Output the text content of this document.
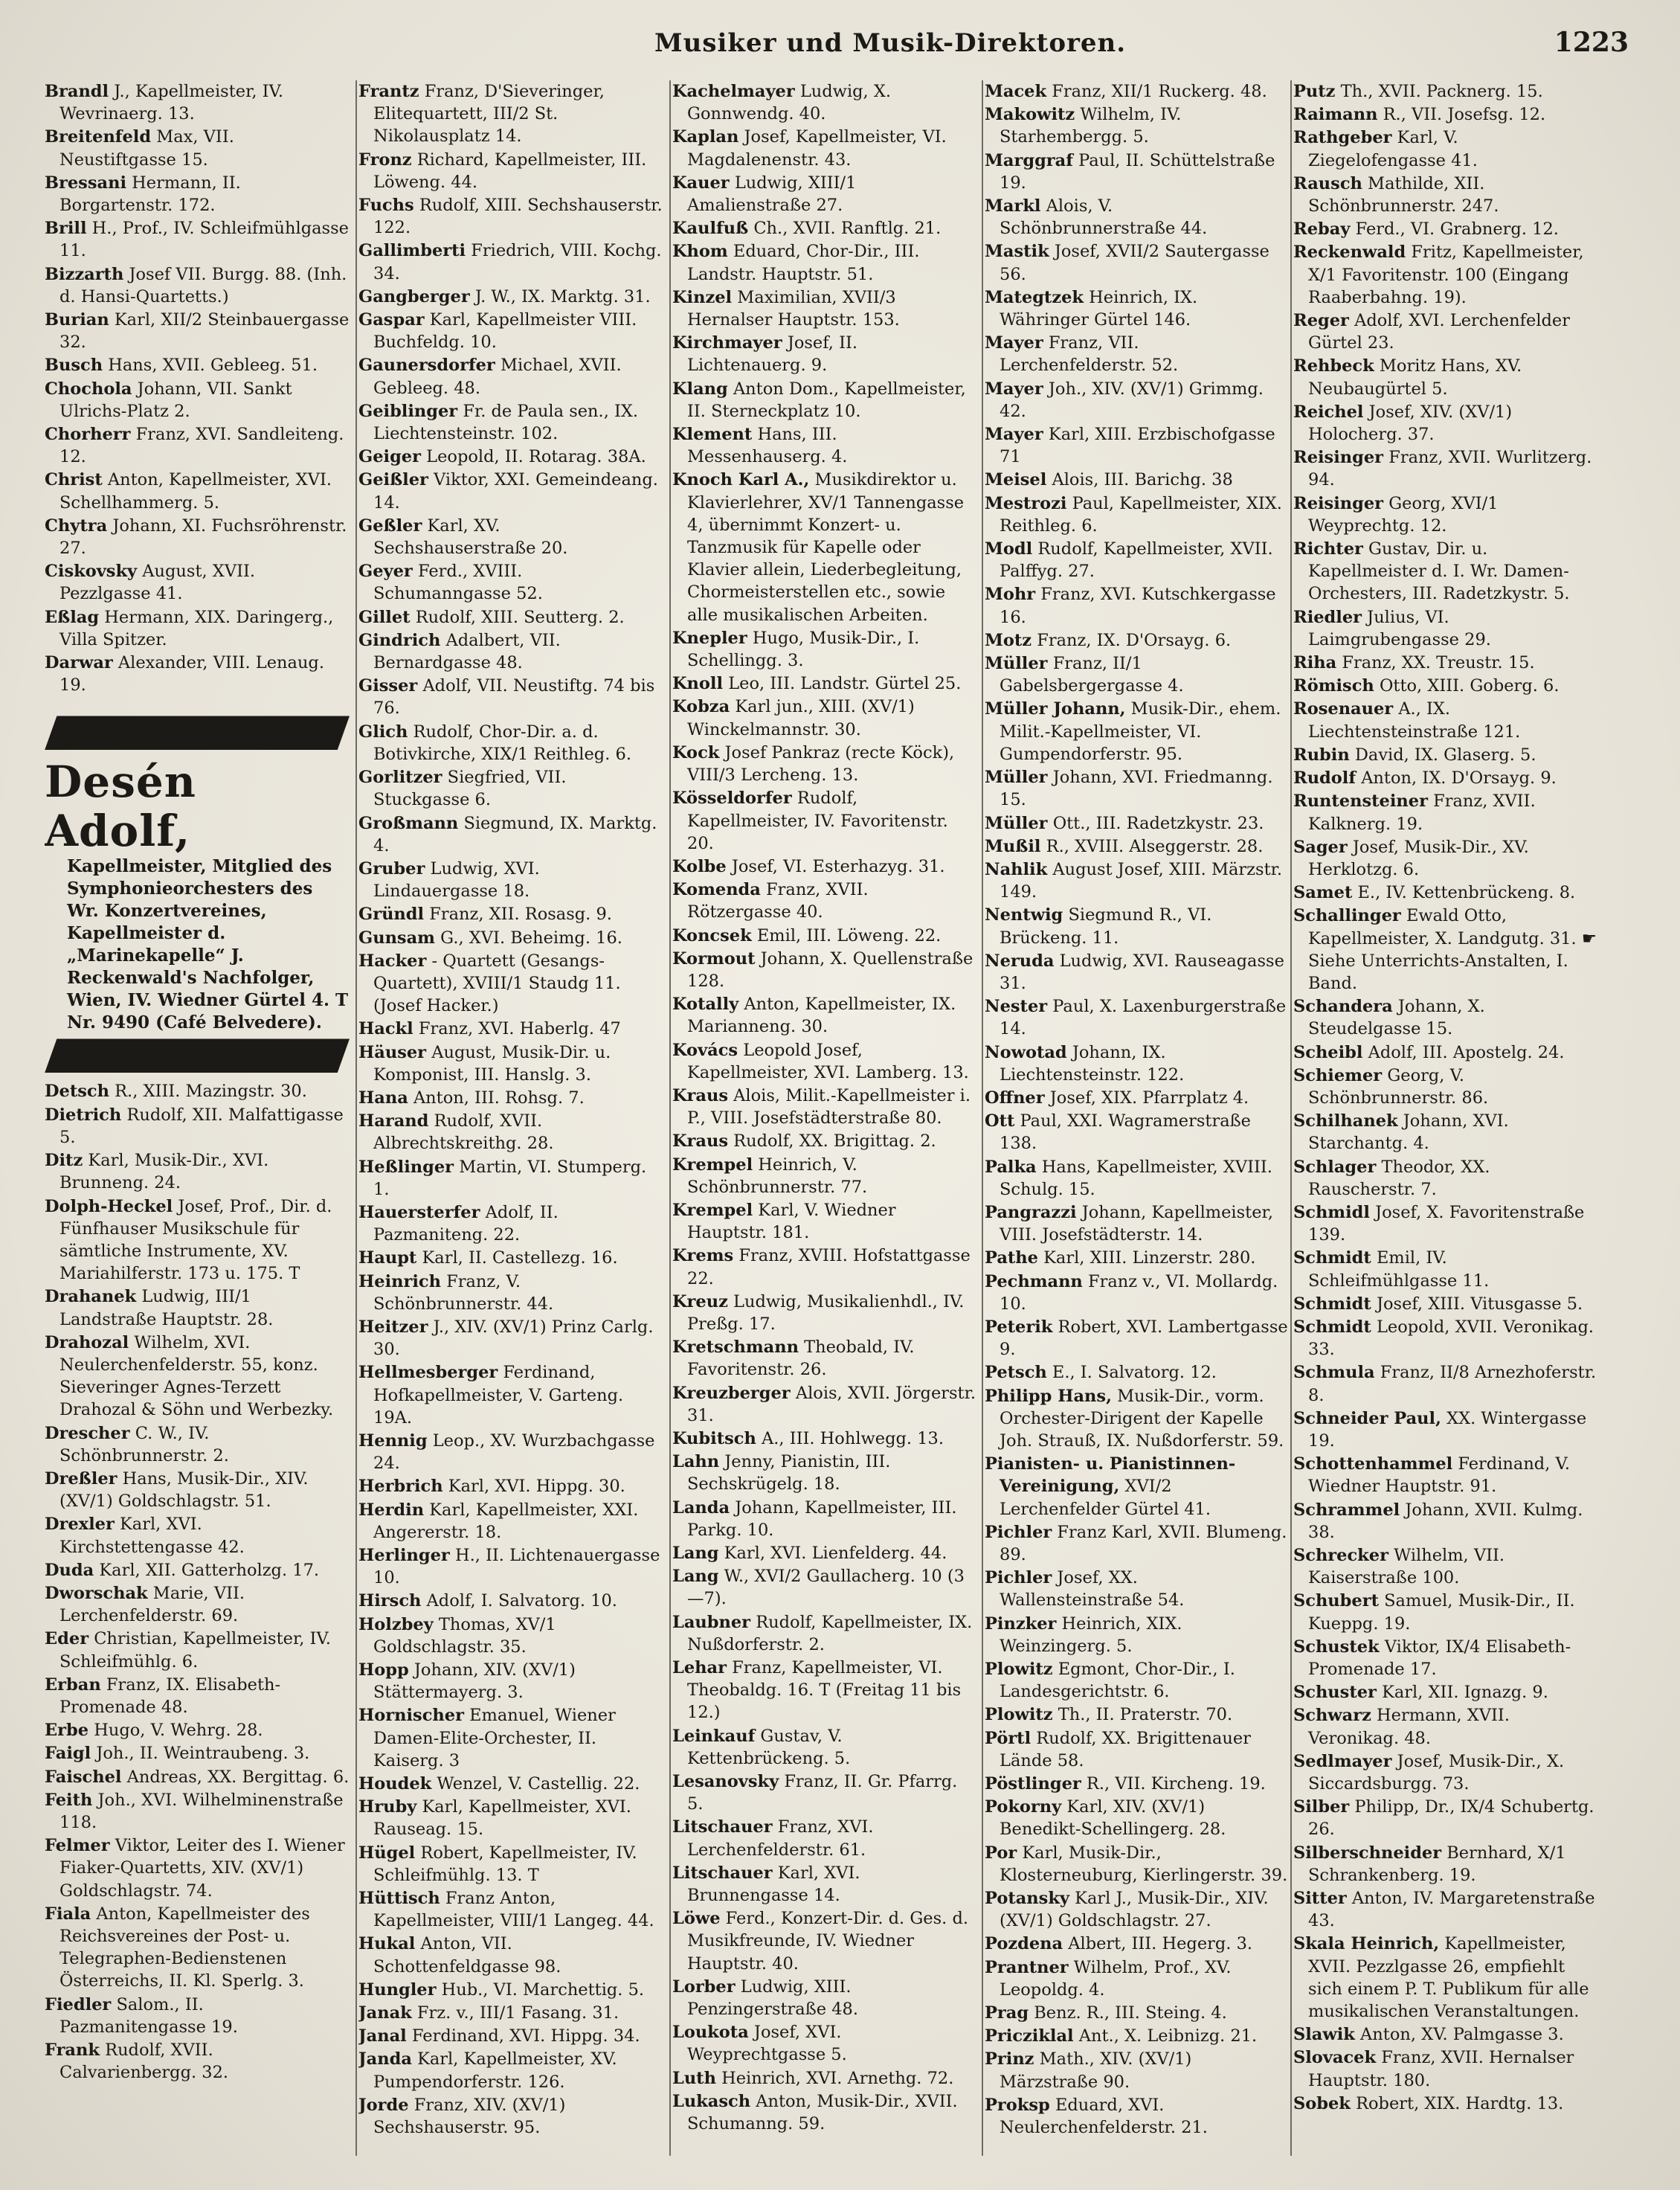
Musiker und Musik-Direktoren.	1223
Brandl J., Kapellmeister, IV. Wevrinaerg. 13.
Breitenfeld Max, VII. Neustiftgasse 15.
Bressani Hermann, II. Borgartenstr. 172.
Brill H., Prof., IV. Schleifmühlgasse 11.
Bizzarth Josef VII. Burgg. 88. (Inh. d. Hansi-Quartetts.)
Burian Karl, XII/2 Steinbauergasse 32.
Busch Hans, XVII. Gebleeg. 51.
Chochola Johann, VII. Sankt Ulrichs-Platz 2.
Chorherr Franz, XVI. Sandleiteng. 12.
Christ Anton, Kapellmeister, XVI. Schellhammerg. 5.
Chytra Johann, XI. Fuchsröhrenstr. 27.
Ciskovsky August, XVII. Pezzlgasse 41.
Eßlag Hermann, XIX. Daringerg., Villa Spitzer.
Darwar Alexander, VIII. Lenaug. 19.
Desén Adolf,
Kapellmeister, Mitglied des Symphonieorchesters des Wr. Konzertvereines, Kapellmeister d. „Marinekapelle“ J. Reckenwald's Nachfolger, Wien, IV. Wiedner Gürtel 4. T Nr. 9490 (Café Belvedere).
Detsch R., XIII. Mazingstr. 30.
Dietrich Rudolf, XII. Malfattigasse 5.
Ditz Karl, Musik-Dir., XVI. Brunneng. 24.
Dolph-Heckel Josef, Prof., Dir. d. Fünfhauser Musikschule für sämtliche Instrumente, XV. Mariahilferstr. 173 u. 175. T
Drahanek Ludwig, III/1 Landstraße Hauptstr. 28.
Drahozal Wilhelm, XVI. Neulerchenfelderstr. 55, konz. Sieveringer Agnes-Terzett Drahozal & Söhn und Werbezky.
Drescher C. W., IV. Schönbrunnerstr. 2.
Dreßler Hans, Musik-Dir., XIV. (XV/1) Goldschlagstr. 51.
Drexler Karl, XVI. Kirchstettengasse 42.
Duda Karl, XII. Gatterholzg. 17.
Dworschak Marie, VII. Lerchenfelderstr. 69.
Eder Christian, Kapellmeister, IV. Schleifmühlg. 6.
Erban Franz, IX. Elisabeth-Promenade 48.
Erbe Hugo, V. Wehrg. 28.
Faigl Joh., II. Weintraubeng. 3.
Faischel Andreas, XX. Bergittag. 6.
Feith Joh., XVI. Wilhelminenstraße 118.
Felmer Viktor, Leiter des I. Wiener Fiaker-Quartetts, XIV. (XV/1) Goldschlagstr. 74.
Fiala Anton, Kapellmeister des Reichsvereines der Post- u. Telegraphen-Bedienstenen Österreichs, II. Kl. Sperlg. 3.
Fiedler Salom., II. Pazmanitengasse 19.
Frank Rudolf, XVII. Calvarienbergg. 32.
Frantz Franz, D'Sieveringer, Elitequartett, III/2 St. Nikolausplatz 14.
Fronz Richard, Kapellmeister, III. Löweng. 44.
Fuchs Rudolf, XIII. Sechshauserstr. 122.
Gallimberti Friedrich, VIII. Kochg. 34.
Gangberger J. W., IX. Marktg. 31.
Gaspar Karl, Kapellmeister VIII. Buchfeldg. 10.
Gaunersdorfer Michael, XVII. Gebleeg. 48.
Geiblinger Fr. de Paula sen., IX. Liechtensteinstr. 102.
Geiger Leopold, II. Rotarag. 38A.
Geißler Viktor, XXI. Gemeindeang. 14.
Geßler Karl, XV. Sechshauserstraße 20.
Geyer Ferd., XVIII. Schumanngasse 52.
Gillet Rudolf, XIII. Seutterg. 2.
Gindrich Adalbert, VII. Bernardgasse 48.
Gisser Adolf, VII. Neustiftg. 74 bis 76.
Glich Rudolf, Chor-Dir. a. d. Botivkirche, XIX/1 Reithleg. 6.
Gorlitzer Siegfried, VII. Stuckgasse 6.
Großmann Siegmund, IX. Marktg. 4.
Gruber Ludwig, XVI. Lindauergasse 18.
Gründl Franz, XII. Rosasg. 9.
Gunsam G., XVI. Beheimg. 16.
Hacker - Quartett (Gesangs-Quartett), XVIII/1 Staudg 11. (Josef Hacker.)
Hackl Franz, XVI. Haberlg. 47
Häuser August, Musik-Dir. u. Komponist, III. Hanslg. 3.
Hana Anton, III. Rohsg. 7.
Harand Rudolf, XVII. Albrechtskreithg. 28.
Heßlinger Martin, VI. Stumperg. 1.
Hauersterfer Adolf, II. Pazmaniteng. 22.
Haupt Karl, II. Castellezg. 16.
Heinrich Franz, V. Schönbrunnerstr. 44.
Heitzer J., XIV. (XV/1) Prinz Carlg. 30.
Hellmesberger Ferdinand, Hofkapellmeister, V. Garteng. 19A.
Hennig Leop., XV. Wurzbachgasse 24.
Herbrich Karl, XVI. Hippg. 30.
Herdin Karl, Kapellmeister, XXI. Angererstr. 18.
Herlinger H., II. Lichtenauergasse 10.
Hirsch Adolf, I. Salvatorg. 10.
Holzbey Thomas, XV/1 Goldschlagstr. 35.
Hopp Johann, XIV. (XV/1) Stättermayerg. 3.
Hornischer Emanuel, Wiener Damen-Elite-Orchester, II. Kaiserg. 3
Houdek Wenzel, V. Castellig. 22.
Hruby Karl, Kapellmeister, XVI. Rauseag. 15.
Hügel Robert, Kapellmeister, IV. Schleifmühlg. 13. T
Hüttisch Franz Anton, Kapellmeister, VIII/1 Langeg. 44.
Hukal Anton, VII. Schottenfeldgasse 98.
Hungler Hub., VI. Marchettig. 5.
Janak Frz. v., III/1 Fasang. 31.
Janal Ferdinand, XVI. Hippg. 34.
Janda Karl, Kapellmeister, XV. Pumpendorferstr. 126.
Jorde Franz, XIV. (XV/1) Sechshauserstr. 95.
Kachelmayer Ludwig, X. Gonnwendg. 40.
Kaplan Josef, Kapellmeister, VI. Magdalenenstr. 43.
Kauer Ludwig, XIII/1 Amalienstraße 27.
Kaulfuß Ch., XVII. Ranftlg. 21.
Khom Eduard, Chor-Dir., III. Landstr. Hauptstr. 51.
Kinzel Maximilian, XVII/3 Hernalser Hauptstr. 153.
Kirchmayer Josef, II. Lichtenauerg. 9.
Klang Anton Dom., Kapellmeister, II. Sterneckplatz 10.
Klement Hans, III. Messenhauserg. 4.
Knoch Karl A., Musikdirektor u. Klavierlehrer, XV/1 Tannengasse 4, übernimmt Konzert- u. Tanzmusik für Kapelle oder Klavier allein, Liederbegleitung, Chormeisterstellen etc., sowie alle musikalischen Arbeiten.
Knepler Hugo, Musik-Dir., I. Schellingg. 3.
Knoll Leo, III. Landstr. Gürtel 25.
Kobza Karl jun., XIII. (XV/1) Winckelmannstr. 30.
Kock Josef Pankraz (recte Köck), VIII/3 Lercheng. 13.
Kösseldorfer Rudolf, Kapellmeister, IV. Favoritenstr. 20.
Kolbe Josef, VI. Esterhazyg. 31.
Komenda Franz, XVII. Rötzergasse 40.
Koncsek Emil, III. Löweng. 22.
Kormout Johann, X. Quellenstraße 128.
Kotally Anton, Kapellmeister, IX. Marianneng. 30.
Kovács Leopold Josef, Kapellmeister, XVI. Lamberg. 13.
Kraus Alois, Milit.-Kapellmeister i. P., VIII. Josefstädterstraße 80.
Kraus Rudolf, XX. Brigittag. 2.
Krempel Heinrich, V. Schönbrunnerstr. 77.
Krempel Karl, V. Wiedner Hauptstr. 181.
Krems Franz, XVIII. Hofstattgasse 22.
Kreuz Ludwig, Musikalienhdl., IV. Preßg. 17.
Kretschmann Theobald, IV. Favoritenstr. 26.
Kreuzberger Alois, XVII. Jörgerstr. 31.
Kubitsch A., III. Hohlwegg. 13.
Lahn Jenny, Pianistin, III. Sechskrügelg. 18.
Landa Johann, Kapellmeister, III. Parkg. 10.
Lang Karl, XVI. Lienfelderg. 44.
Lang W., XVI/2 Gaullacherg. 10 (3—7).
Laubner Rudolf, Kapellmeister, IX. Nußdorferstr. 2.
Lehar Franz, Kapellmeister, VI. Theobaldg. 16. T (Freitag 11 bis 12.)
Leinkauf Gustav, V. Kettenbrückeng. 5.
Lesanovsky Franz, II. Gr. Pfarrg. 5.
Litschauer Franz, XVI. Lerchenfelderstr. 61.
Litschauer Karl, XVI. Brunnengasse 14.
Löwe Ferd., Konzert-Dir. d. Ges. d. Musikfreunde, IV. Wiedner Hauptstr. 40.
Lorber Ludwig, XIII. Penzingerstraße 48.
Loukota Josef, XVI. Weyprechtgasse 5.
Luth Heinrich, XVI. Arnethg. 72.
Lukasch Anton, Musik-Dir., XVII. Schumanng. 59.
Macek Franz, XII/1 Ruckerg. 48.
Makowitz Wilhelm, IV. Starhembergg. 5.
Marggraf Paul, II. Schüttelstraße 19.
Markl Alois, V. Schönbrunnerstraße 44.
Mastik Josef, XVII/2 Sautergasse 56.
Mategtzek Heinrich, IX. Währinger Gürtel 146.
Mayer Franz, VII. Lerchenfelderstr. 52.
Mayer Joh., XIV. (XV/1) Grimmg. 42.
Mayer Karl, XIII. Erzbischofgasse 71
Meisel Alois, III. Barichg. 38
Mestrozi Paul, Kapellmeister, XIX. Reithleg. 6.
Modl Rudolf, Kapellmeister, XVII. Palffyg. 27.
Mohr Franz, XVI. Kutschkergasse 16.
Motz Franz, IX. D'Orsayg. 6.
Müller Franz, II/1 Gabelsbergergasse 4.
Müller Johann, Musik-Dir., ehem. Milit.-Kapellmeister, VI. Gumpendorferstr. 95.
Müller Johann, XVI. Friedmanng. 15.
Müller Ott., III. Radetzkystr. 23.
Mußil R., XVIII. Alseggerstr. 28.
Nahlik August Josef, XIII. Märzstr. 149.
Nentwig Siegmund R., VI. Brückeng. 11.
Neruda Ludwig, XVI. Rauseagasse 31.
Nester Paul, X. Laxenburgerstraße 14.
Nowotad Johann, IX. Liechtensteinstr. 122.
Offner Josef, XIX. Pfarrplatz 4.
Ott Paul, XXI. Wagramerstraße 138.
Palka Hans, Kapellmeister, XVIII. Schulg. 15.
Pangrazzi Johann, Kapellmeister, VIII. Josefstädterstr. 14.
Pathe Karl, XIII. Linzerstr. 280.
Pechmann Franz v., VI. Mollardg. 10.
Peterik Robert, XVI. Lambertgasse 9.
Petsch E., I. Salvatorg. 12.
Philipp Hans, Musik-Dir., vorm. Orchester-Dirigent der Kapelle Joh. Strauß, IX. Nußdorferstr. 59.
Pianisten- u. Pianistinnen-Vereinigung, XVI/2 Lerchenfelder Gürtel 41.
Pichler Franz Karl, XVII. Blumeng. 89.
Pichler Josef, XX. Wallensteinstraße 54.
Pinzker Heinrich, XIX. Weinzingerg. 5.
Plowitz Egmont, Chor-Dir., I. Landesgerichtstr. 6.
Plowitz Th., II. Praterstr. 70.
Pörtl Rudolf, XX. Brigittenauer Lände 58.
Pöstlinger R., VII. Kircheng. 19.
Pokorny Karl, XIV. (XV/1) Benedikt-Schellingerg. 28.
Por Karl, Musik-Dir., Klosterneuburg, Kierlingerstr. 39.
Potansky Karl J., Musik-Dir., XIV. (XV/1) Goldschlagstr. 27.
Pozdena Albert, III. Hegerg. 3.
Prantner Wilhelm, Prof., XV. Leopoldg. 4.
Prag Benz. R., III. Steing. 4.
Pricziklal Ant., X. Leibnizg. 21.
Prinz Math., XIV. (XV/1) Märzstraße 90.
Proksp Eduard, XVI. Neulerchenfelderstr. 21.
Putz Th., XVII. Packnerg. 15.
Raimann R., VII. Josefsg. 12.
Rathgeber Karl, V. Ziegelofengasse 41.
Rausch Mathilde, XII. Schönbrunnerstr. 247.
Rebay Ferd., VI. Grabnerg. 12.
Reckenwald Fritz, Kapellmeister, X/1 Favoritenstr. 100 (Eingang Raaberbahng. 19).
Reger Adolf, XVI. Lerchenfelder Gürtel 23.
Rehbeck Moritz Hans, XV. Neubaugürtel 5.
Reichel Josef, XIV. (XV/1) Holocherg. 37.
Reisinger Franz, XVII. Wurlitzerg. 94.
Reisinger Georg, XVI/1 Weyprechtg. 12.
Richter Gustav, Dir. u. Kapellmeister d. I. Wr. Damen-Orchesters, III. Radetzkystr. 5.
Riedler Julius, VI. Laimgrubengasse 29.
Riha Franz, XX. Treustr. 15.
Römisch Otto, XIII. Goberg. 6.
Rosenauer A., IX. Liechtensteinstraße 121.
Rubin David, IX. Glaserg. 5.
Rudolf Anton, IX. D'Orsayg. 9.
Runtensteiner Franz, XVII. Kalknerg. 19.
Sager Josef, Musik-Dir., XV. Herklotzg. 6.
Samet E., IV. Kettenbrückeng. 8.
Schallinger Ewald Otto, Kapellmeister, X. Landgutg. 31. ☛ Siehe Unterrichts-Anstalten, I. Band.
Schandera Johann, X. Steudelgasse 15.
Scheibl Adolf, III. Apostelg. 24.
Schiemer Georg, V. Schönbrunnerstr. 86.
Schilhanek Johann, XVI. Starchantg. 4.
Schlager Theodor, XX. Rauscherstr. 7.
Schmidl Josef, X. Favoritenstraße 139.
Schmidt Emil, IV. Schleifmühlgasse 11.
Schmidt Josef, XIII. Vitusgasse 5.
Schmidt Leopold, XVII. Veronikag. 33.
Schmula Franz, II/8 Arnezhoferstr. 8.
Schneider Paul, XX. Wintergasse 19.
Schottenhammel Ferdinand, V. Wiedner Hauptstr. 91.
Schrammel Johann, XVII. Kulmg. 38.
Schrecker Wilhelm, VII. Kaiserstraße 100.
Schubert Samuel, Musik-Dir., II. Kueppg. 19.
Schustek Viktor, IX/4 Elisabeth-Promenade 17.
Schuster Karl, XII. Ignazg. 9.
Schwarz Hermann, XVII. Veronikag. 48.
Sedlmayer Josef, Musik-Dir., X. Siccardsburgg. 73.
Silber Philipp, Dr., IX/4 Schubertg. 26.
Silberschneider Bernhard, X/1 Schrankenberg. 19.
Sitter Anton, IV. Margaretenstraße 43.
Skala Heinrich, Kapellmeister, XVII. Pezzlgasse 26, empfiehlt sich einem P. T. Publikum für alle musikalischen Veranstaltungen.
Slawik Anton, XV. Palmgasse 3.
Slovacek Franz, XVII. Hernalser Hauptstr. 180.
Sobek Robert, XIX. Hardtg. 13.
